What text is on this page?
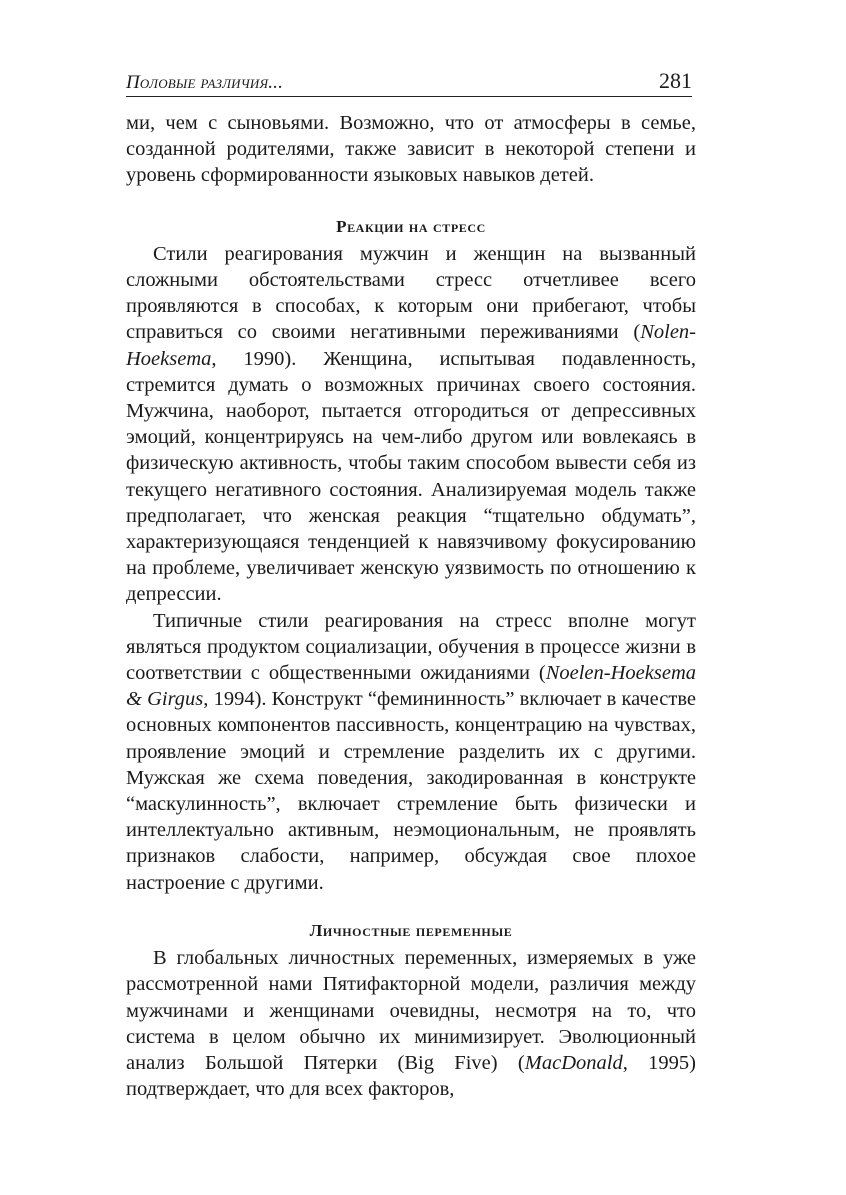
Половые различия...	281

ми, чем с сыновьями. Возможно, что от атмосферы в семье, созданной родителями, также зависит в некоторой степени и уровень сформированности языковых навыков детей.

Реакции на стресс

Стили реагирования мужчин и женщин на вызванный сложными обстоятельствами стресс отчетливее всего проявляются в способах, к которым они прибегают, чтобы справиться со своими негативными переживаниями (Nolen-Hoeksema, 1990). Женщина, испытывая подавленность, стремится думать о возможных причинах своего состояния. Мужчина, наоборот, пытается отгородиться от депрессивных эмоций, концентрируясь на чем-либо другом или вовлекаясь в физическую активность, чтобы таким способом вывести себя из текущего негативного состояния. Анализируемая модель также предполагает, что женская реакция “тщательно обдумать”, характеризующаяся тенденцией к навязчивому фокусированию на проблеме, увеличивает женскую уязвимость по отношению к депрессии.

Типичные стили реагирования на стресс вполне могут являться продуктом социализации, обучения в процессе жизни в соответствии с общественными ожиданиями (Noelen-Hoeksema & Girgus, 1994). Конструкт “фемининность” включает в качестве основных компонентов пассивность, концентрацию на чувствах, проявление эмоций и стремление разделить их с другими. Мужская же схема поведения, закодированная в конструкте “маскулинность”, включает стремление быть физически и интеллектуально активным, неэмоциональным, не проявлять признаков слабости, например, обсуждая свое плохое настроение с другими.

Личностные переменные

В глобальных личностных переменных, измеряемых в уже рассмотренной нами Пятифакторной модели, различия между мужчинами и женщинами очевидны, несмотря на то, что система в целом обычно их минимизирует. Эволюционный анализ Большой Пятерки (Big Five) (MacDonald, 1995) подтверждает, что для всех факторов,
